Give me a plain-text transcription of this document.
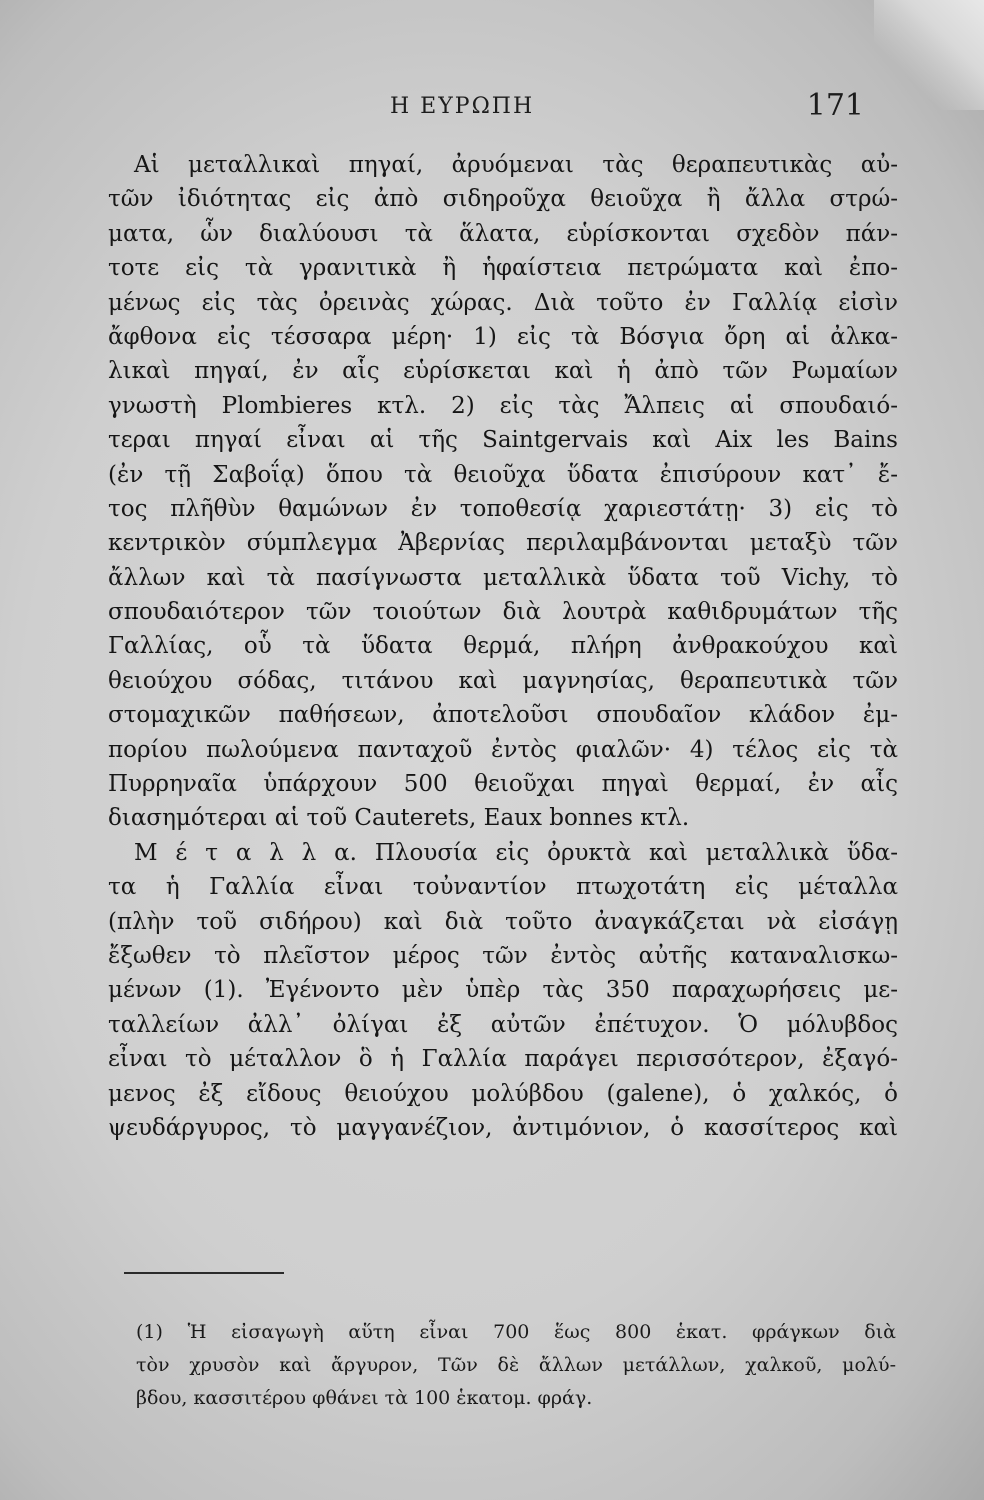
Η ΕΥΡΩΠΗ	171
Αἱ μεταλλικαὶ πηγαί, ἀρυόμεναι τὰς θεραπευτικὰς αὐ-
τῶν ἰδιότητας εἰς ἀπὸ σιδηροῦχα θειοῦχα ἢ ἄλλα στρώ-
ματα, ὧν διαλύουσι τὰ ἅλατα, εὑρίσκονται σχεδὸν πάν-
τοτε εἰς τὰ γρανιτικὰ ἢ ἡφαίστεια πετρώματα καὶ ἐπο-
μένως εἰς τὰς ὀρεινὰς χώρας. Διὰ τοῦτο ἐν Γαλλίᾳ εἰσὶν
ἄφθονα εἰς τέσσαρα μέρη· 1) εἰς τὰ Βόσγια ὄρη αἱ ἀλκα-
λικαὶ πηγαί, ἐν αἷς εὑρίσκεται καὶ ἡ ἀπὸ τῶν Ρωμαίων
γνωστὴ Plombieres κτλ. 2) εἰς τὰς Ἄλπεις αἱ σπουδαιό-
τεραι πηγαί εἶναι αἱ τῆς Saintgervais καὶ Aix les Bains
(ἐν τῇ Σαβοΐᾳ) ὅπου τὰ θειοῦχα ὕδατα ἐπισύρουν κατ᾽ ἔ-
τος πλῆθὺν θαμώνων ἐν τοποθεσίᾳ χαριεστάτῃ· 3) εἰς τὸ
κεντρικὸν σύμπλεγμα Ἀβερνίας περιλαμβάνονται μεταξὺ τῶν
ἄλλων καὶ τὰ πασίγνωστα μεταλλικὰ ὕδατα τοῦ Vichy, τὸ
σπουδαιότερον τῶν τοιούτων διὰ λουτρὰ καθιδρυμάτων τῆς
Γαλλίας, οὗ τὰ ὕδατα θερμά, πλήρη ἀνθρακούχου καὶ
θειούχου σόδας, τιτάνου καὶ μαγνησίας, θεραπευτικὰ τῶν
στομαχικῶν παθήσεων, ἀποτελοῦσι σπουδαῖον κλάδον ἐμ-
πορίου πωλούμενα πανταχοῦ ἐντὸς φιαλῶν· 4) τέλος εἰς τὰ
Πυρρηναῖα ὑπάρχουν 500 θειοῦχαι πηγαὶ θερμαί, ἐν αἷς
διασημότεραι αἱ τοῦ Cauterets, Eaux bonnes κτλ.
Μ έ τ α λ λ α. Πλουσία εἰς ὀρυκτὰ καὶ μεταλλικὰ ὕδα-
τα ἡ Γαλλία εἶναι τοὐναντίον πτωχοτάτη εἰς μέταλλα
(πλὴν τοῦ σιδήρου) καὶ διὰ τοῦτο ἀναγκάζεται νὰ εἰσάγῃ
ἔξωθεν τὸ πλεῖστον μέρος τῶν ἐντὸς αὐτῆς καταναλισκω-
μένων (1). Ἐγένοντο μὲν ὑπὲρ τὰς 350 παραχωρήσεις με-
ταλλείων ἀλλ᾽ ὀλίγαι ἐξ αὐτῶν ἐπέτυχον. Ὁ μόλυβδος
εἶναι τὸ μέταλλον ὃ ἡ Γαλλία παράγει περισσότερον, ἐξαγό-
μενος ἐξ εἴδους θειούχου μολύβδου (galene), ὁ χαλκός, ὁ
ψευδάργυρος, τὸ μαγγανέζιον, ἀντιμόνιον, ὁ κασσίτερος καὶ
(1) Ἡ εἰσαγωγὴ αὕτη εἶναι 700 ἕως 800 ἑκατ. φράγκων διὰ
τὸν χρυσὸν καὶ ἄργυρον, Τῶν δὲ ἄλλων μετάλλων, χαλκοῦ, μολύ-
βδου, κασσιτέρου φθάνει τὰ 100 ἑκατομ. φράγ.
